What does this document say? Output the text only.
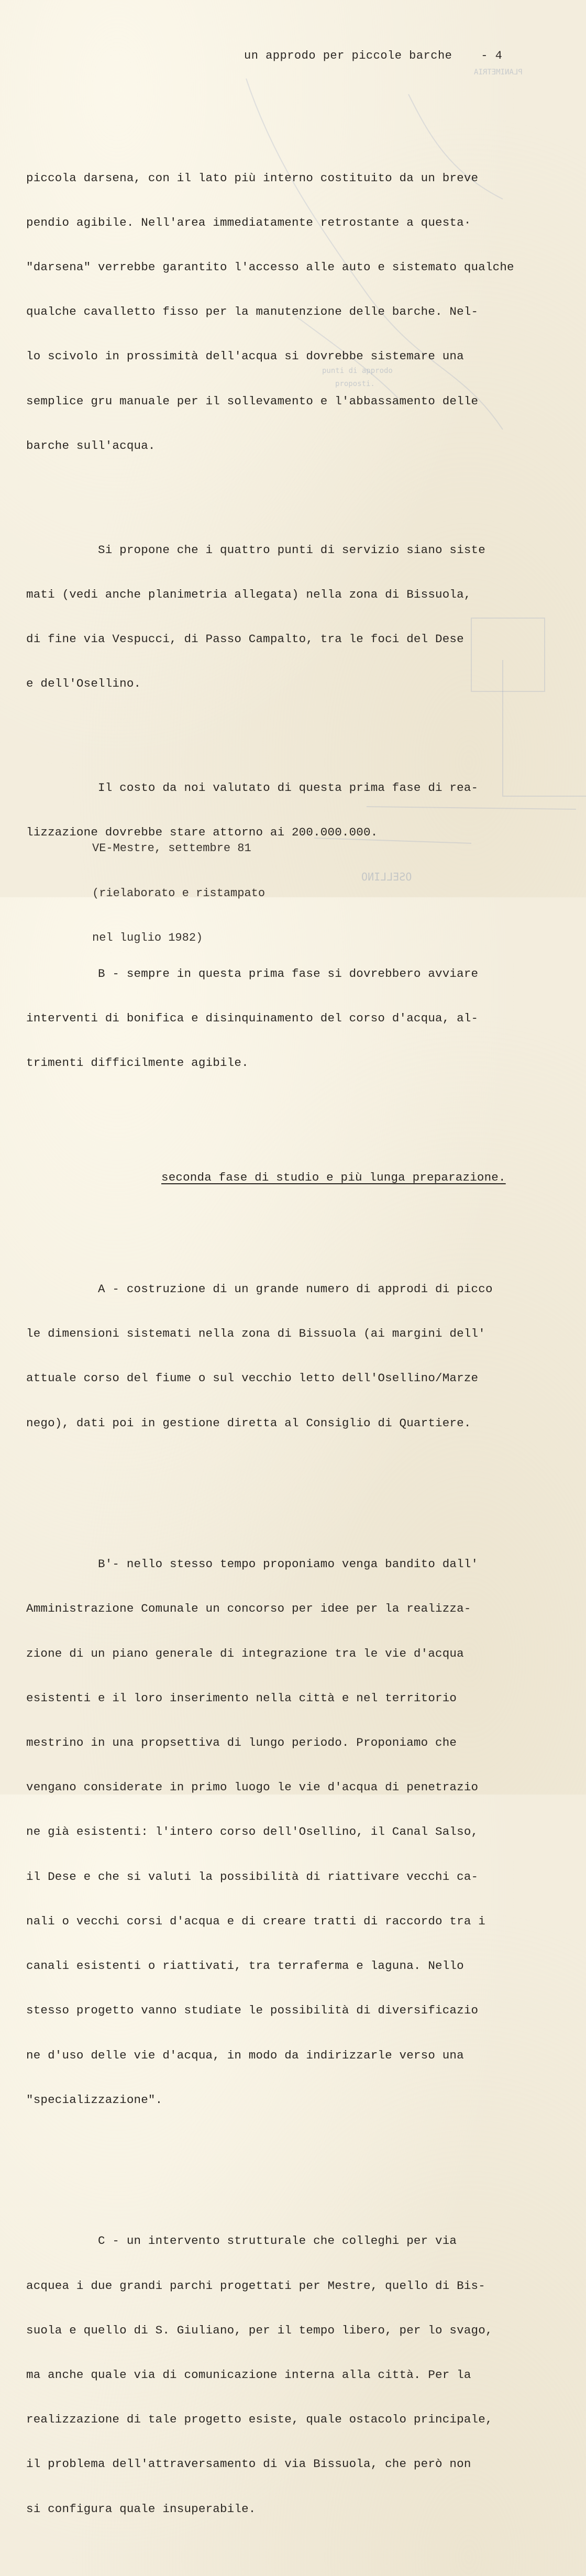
PLANIMETRIA
punti di approdo
proposti.
OSELLINO
un approdo per piccole barche - 4

piccola darsena, con il lato più interno costituito da un breve

pendio agibile. Nell'area immediatamente retrostante a questa·

"darsena" verrebbe garantito l'accesso alle auto e sistemato qualche

qualche cavalletto fisso per la manutenzione delle barche. Nel-

lo scivolo in prossimità dell'acqua si dovrebbe sistemare una

semplice gru manuale per il sollevamento e l'abbassamento delle

barche sull'acqua.

Si propone che i quattro punti di servizio siano siste

mati (vedi anche planimetria allegata) nella zona di Bissuola,

di fine via Vespucci, di Passo Campalto, tra le foci del Dese

e dell'Osellino.

Il costo da noi valutato di questa prima fase di rea-

lizzazione dovrebbe stare attorno ai 200.000.000.

B - sempre in questa prima fase si dovrebbero avviare

interventi di bonifica e disinquinamento del corso d'acqua, al-

trimenti difficilmente agibile.

seconda fase di studio e più lunga preparazione.

A - costruzione di un grande numero di approdi di picco

le dimensioni sistemati nella zona di Bissuola (ai margini dell'

attuale corso del fiume o sul vecchio letto dell'Osellino/Marze

nego), dati poi in gestione diretta al Consiglio di Quartiere.

B'- nello stesso tempo proponiamo venga bandito dall'

Amministrazione Comunale un concorso per idee per la realizza-

zione di un piano generale di integrazione tra le vie d'acqua

esistenti e il loro inserimento nella città e nel territorio

mestrino in una propsettiva di lungo periodo. Proponiamo che

vengano considerate in primo luogo le vie d'acqua di penetrazio

ne già esistenti: l'intero corso dell'Osellino, il Canal Salso,

il Dese e che si valuti la possibilità di riattivare vecchi ca-

nali o vecchi corsi d'acqua e di creare tratti di raccordo tra i

canali esistenti o riattivati, tra terraferma e laguna. Nello

stesso progetto vanno studiate le possibilità di diversificazio

ne d'uso delle vie d'acqua, in modo da indirizzarle verso una

"specializzazione".

C - un intervento strutturale che colleghi per via

acquea i due grandi parchi progettati per Mestre, quello di Bis-

suola e quello di S. Giuliano, per il tempo libero, per lo svago,

ma anche quale via di comunicazione interna alla città. Per la

realizzazione di tale progetto esiste, quale ostacolo principale,

il problema dell'attraversamento di via Bissuola, che però non

si configura quale insuperabile.

VE-Mestre, settembre 81

(rielaborato e ristampato

nel luglio 1982)
